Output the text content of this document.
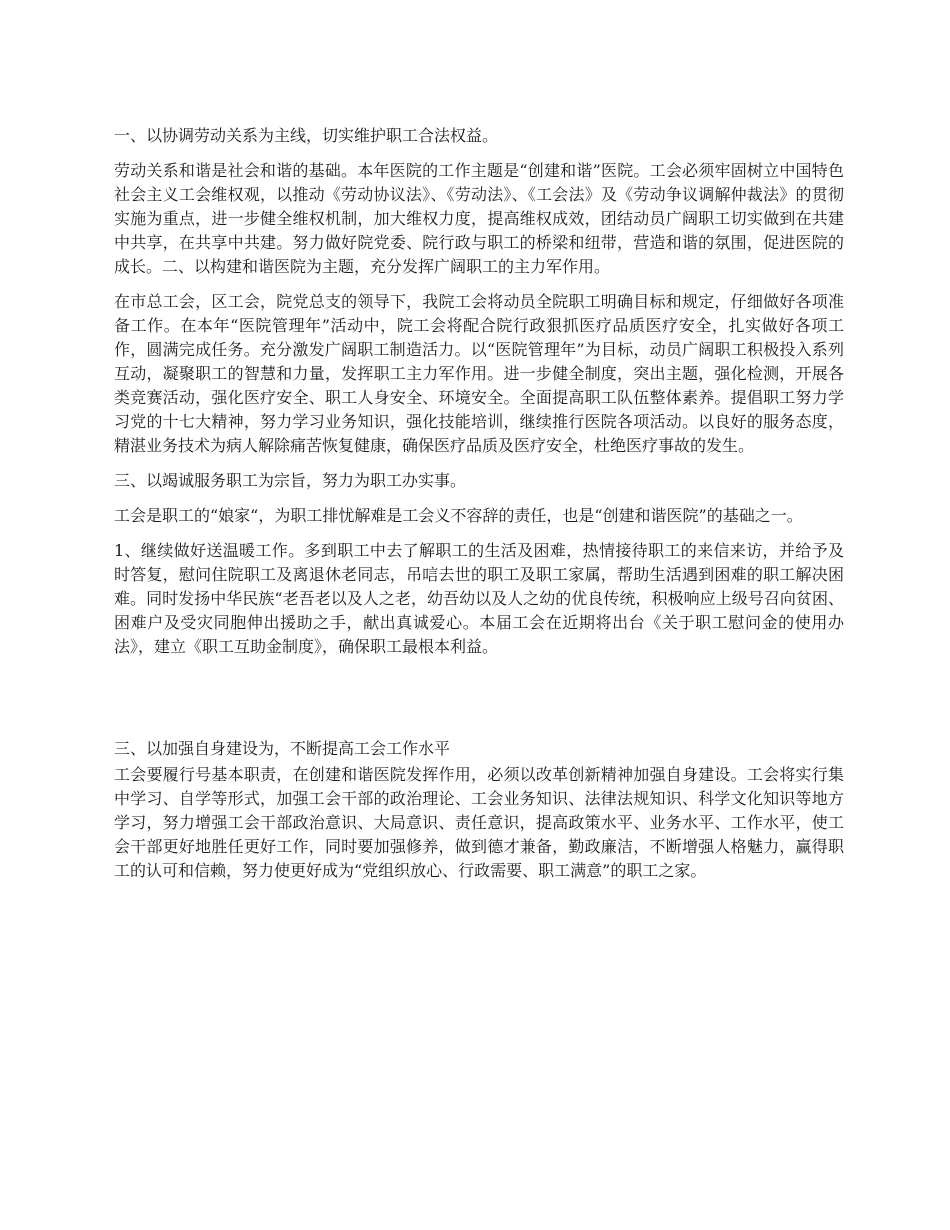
一、以协调劳动关系为主线，切实维护职工合法权益。

劳动关系和谐是社会和谐的基础。本年医院的工作主题是“创建和谐”医院。工会必须牢固树立中国特色社会主义工会维权观，以推动《劳动协议法》、《劳动法》、《工会法》及《劳动争议调解仲裁法》的贯彻实施为重点，进一步健全维权机制，加大维权力度，提高维权成效，团结动员广阔职工切实做到在共建中共享，在共享中共建。努力做好院党委、院行政与职工的桥梁和纽带，营造和谐的氛围，促进医院的成长。二、以构建和谐医院为主题，充分发挥广阔职工的主力军作用。

在市总工会，区工会，院党总支的领导下，我院工会将动员全院职工明确目标和规定，仔细做好各项准备工作。在本年“医院管理年”活动中，院工会将配合院行政狠抓医疗品质医疗安全，扎实做好各项工作，圆满完成任务。充分激发广阔职工制造活力。以“医院管理年”为目标，动员广阔职工积极投入系列互动，凝聚职工的智慧和力量，发挥职工主力军作用。进一步健全制度，突出主题，强化检测，开展各类竞赛活动，强化医疗安全、职工人身安全、环境安全。全面提高职工队伍整体素养。提倡职工努力学习党的十七大精神，努力学习业务知识，强化技能培训，继续推行医院各项活动。以良好的服务态度，精湛业务技术为病人解除痛苦恢复健康，确保医疗品质及医疗安全，杜绝医疗事故的发生。

三、以竭诚服务职工为宗旨，努力为职工办实事。

工会是职工的“娘家“，为职工排忧解难是工会义不容辞的责任，也是“创建和谐医院”的基础之一。

1、继续做好送温暖工作。多到职工中去了解职工的生活及困难，热情接待职工的来信来访，并给予及时答复，慰问住院职工及离退休老同志，吊唁去世的职工及职工家属，帮助生活遇到困难的职工解决困难。同时发扬中华民族“老吾老以及人之老，幼吾幼以及人之幼的优良传统，积极响应上级号召向贫困、困难户及受灾同胞伸出援助之手，献出真诚爱心。本届工会在近期将出台《关于职工慰问金的使用办法》，建立《职工互助金制度》，确保职工最根本利益。

三、以加强自身建设为，不断提高工会工作水平

工会要履行号基本职责，在创建和谐医院发挥作用，必须以改革创新精神加强自身建设。工会将实行集中学习、自学等形式，加强工会干部的政治理论、工会业务知识、法律法规知识、科学文化知识等地方学习，努力增强工会干部政治意识、大局意识、责任意识，提高政策水平、业务水平、工作水平，使工会干部更好地胜任更好工作，同时要加强修养，做到德才兼备，勤政廉洁，不断增强人格魅力，赢得职工的认可和信赖，努力使更好成为“党组织放心、行政需要、职工满意”的职工之家。
